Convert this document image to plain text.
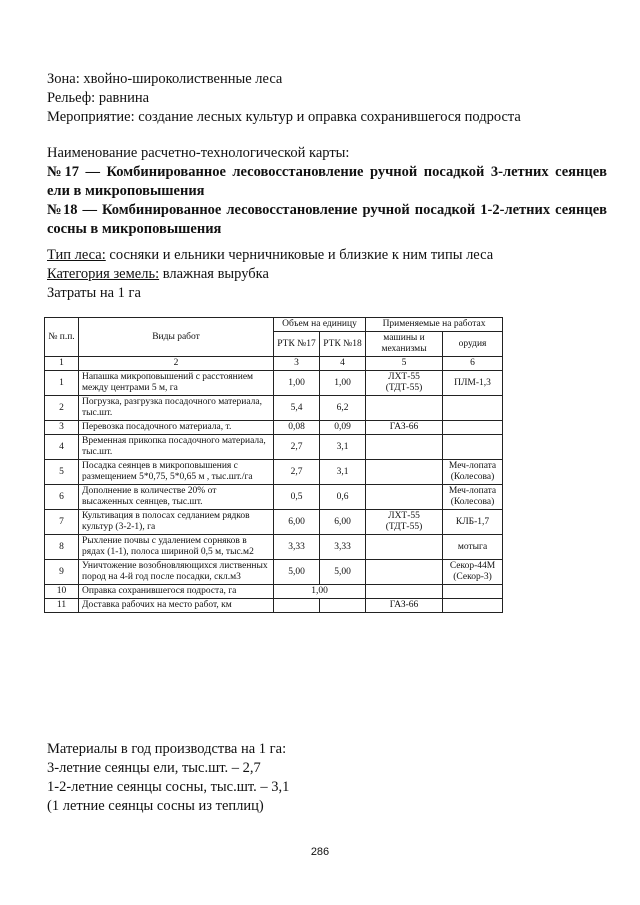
Зона: хвойно-широколиственные леса
Рельеф: равнина
Мероприятие: создание лесных культур и оправка сохранившегося подроста
Наименование расчетно-технологической карты:
№17 — Комбинированное лесовосстановление ручной посадкой 3-летних сеянцев ели в микроповышения
№18 — Комбинированное лесовосстановление ручной посадкой 1-2-летних сеянцев сосны в микроповышения
Тип леса: сосняки и ельники черничниковые и близкие к ним типы леса
Категория земель: влажная вырубка
Затраты на 1 га
№ п.п.	Виды работ	Объем на единицу		Применяемые на работах	
		РТК №17	РТК №18	машины и механизмы	орудия
1	2	3	4	5	6
1	Напашка микроповышений с расстоянием между центрами 5 м, га	1,00	1,00	ЛХТ-55 (ТДТ-55)	ПЛМ-1,3
2	Погрузка, разгрузка посадочного материала, тыс.шт.	5,4	6,2		
3	Перевозка посадочного материала, т.	0,08	0,09	ГАЗ-66	
4	Временная прикопка посадочного материала, тыс.шт.	2,7	3,1		
5	Посадка сеянцев в микроповышения с размещением 5*0,75, 5*0,65 м , тыс.шт./га	2,7	3,1		Меч-лопата (Колесова)
6	Дополнение в количестве 20% от высаженных сеянцев, тыс.шт.	0,5	0,6		Меч-лопата (Колесова)
7	Культивация в полосах седланием рядков культур (3-2-1), га	6,00	6,00	ЛХТ-55 (ТДТ-55)	КЛБ-1,7
8	Рыхление почвы с удалением сорняков в рядах (1-1), полоса шириной 0,5 м, тыс.м2	3,33	3,33		мотыга
9	Уничтожение возобновляющихся лиственных пород на 4-й год после посадки, скл.м3	5,00	5,00		Секор-44М (Секор-3)
10	Оправка сохранившегося подроста, га	1,00			
11	Доставка рабочих на место работ, км			ГАЗ-66	
Материалы в год производства на 1 га:
3-летние сеянцы ели, тыс.шт. – 2,7
1-2-летние сеянцы сосны, тыс.шт. – 3,1
(1 летние сеянцы сосны из теплиц)
286
